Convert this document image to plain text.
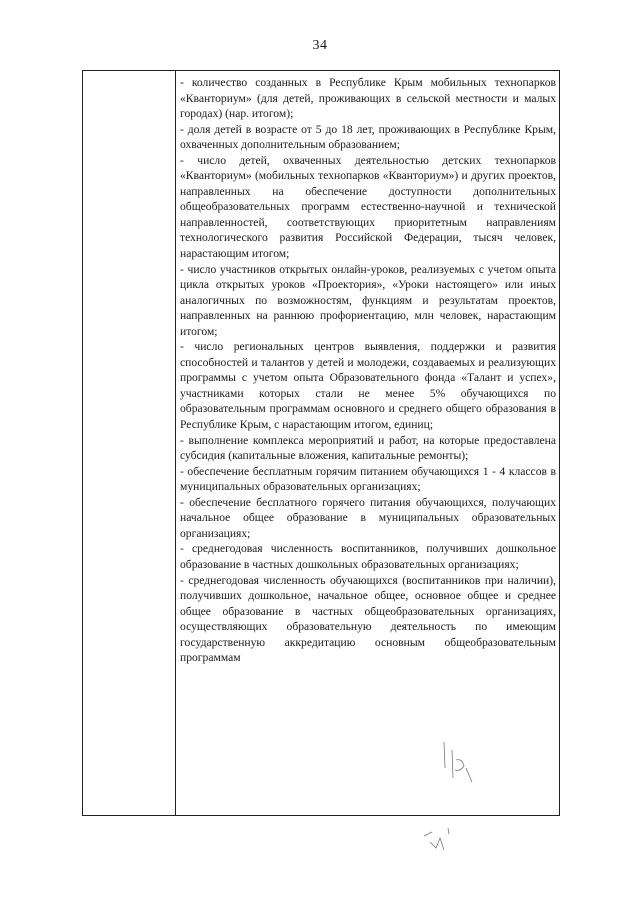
34

- количество созданных в Республике Крым мобильных технопарков «Кванториум» (для детей, проживающих в сельской местности и малых городах) (нар. итогом);

- доля детей в возрасте от 5 до 18 лет, проживающих в Республике Крым, охваченных дополнительным образованием;

- число детей, охваченных деятельностью детских технопарков «Кванториум» (мобильных технопарков «Кванториум») и других проектов, направленных на обеспечение доступности дополнительных общеобразовательных программ естественно-научной и технической направленностей, соответствующих приоритетным направлениям технологического развития Российской Федерации, тысяч человек, нарастающим итогом;

- число участников открытых онлайн-уроков, реализуемых с учетом опыта цикла открытых уроков «Проектория», «Уроки настоящего» или иных аналогичных по возможностям, функциям и результатам проектов, направленных на раннюю профориентацию, млн человек, нарастающим итогом;

- число региональных центров выявления, поддержки и развития способностей и талантов у детей и молодежи, создаваемых и реализующих программы с учетом опыта Образовательного фонда «Талант и успех», участниками которых стали не менее 5% обучающихся по образовательным программам основного и среднего общего образования в Республике Крым, с нарастающим итогом, единиц;

- выполнение комплекса мероприятий и работ, на которые предоставлена субсидия (капитальные вложения, капитальные ремонты);

- обеспечение бесплатным горячим питанием обучающихся 1 - 4 классов в муниципальных образовательных организациях;

- обеспечение бесплатного горячего питания обучающихся, получающих начальное общее образование в муниципальных образовательных организациях;

- среднегодовая численность воспитанников, получивших дошкольное образование в частных дошкольных образовательных организациях;

- среднегодовая численность обучающихся (воспитанников при наличии), получивших дошкольное, начальное общее, основное общее и среднее общее образование в частных общеобразовательных организациях, осуществляющих образовательную деятельность по имеющим государственную аккредитацию основным общеобразовательным программам
